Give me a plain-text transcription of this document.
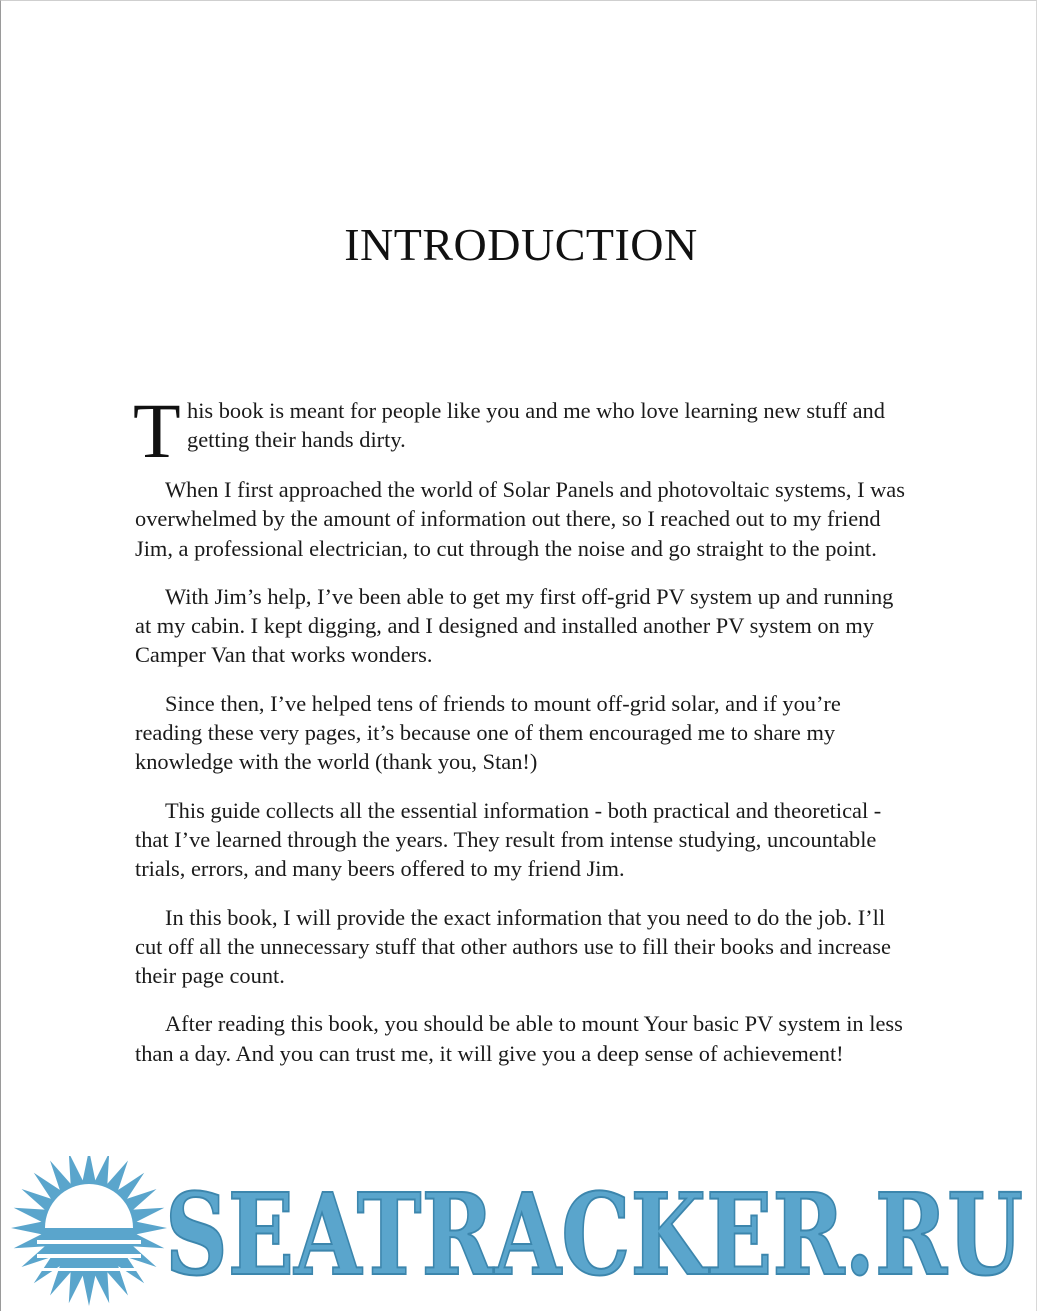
INTRODUCTION

T his book is meant for people like you and me who love learning new stuff and getting their hands dirty.

When I first approached the world of Solar Panels and photovoltaic systems, I was overwhelmed by the amount of information out there, so I reached out to my friend Jim, a professional electrician, to cut through the noise and go straight to the point.

With Jim’s help, I’ve been able to get my first off-grid PV system up and running at my cabin. I kept digging, and I designed and installed another PV system on my Camper Van that works wonders.

Since then, I’ve helped tens of friends to mount off-grid solar, and if you’re reading these very pages, it’s because one of them encouraged me to share my knowledge with the world (thank you, Stan!)

This guide collects all the essential information - both practical and theoretical - that I’ve learned through the years. They result from intense studying, uncountable trials, errors, and many beers offered to my friend Jim.

In this book, I will provide the exact information that you need to do the job. I’ll cut off all the unnecessary stuff that other authors use to fill their books and increase their page count.

After reading this book, you should be able to mount Your basic PV system in less than a day. And you can trust me, it will give you a deep sense of achievement!

SEATRACKER.RU
SEATRACKER.RU
